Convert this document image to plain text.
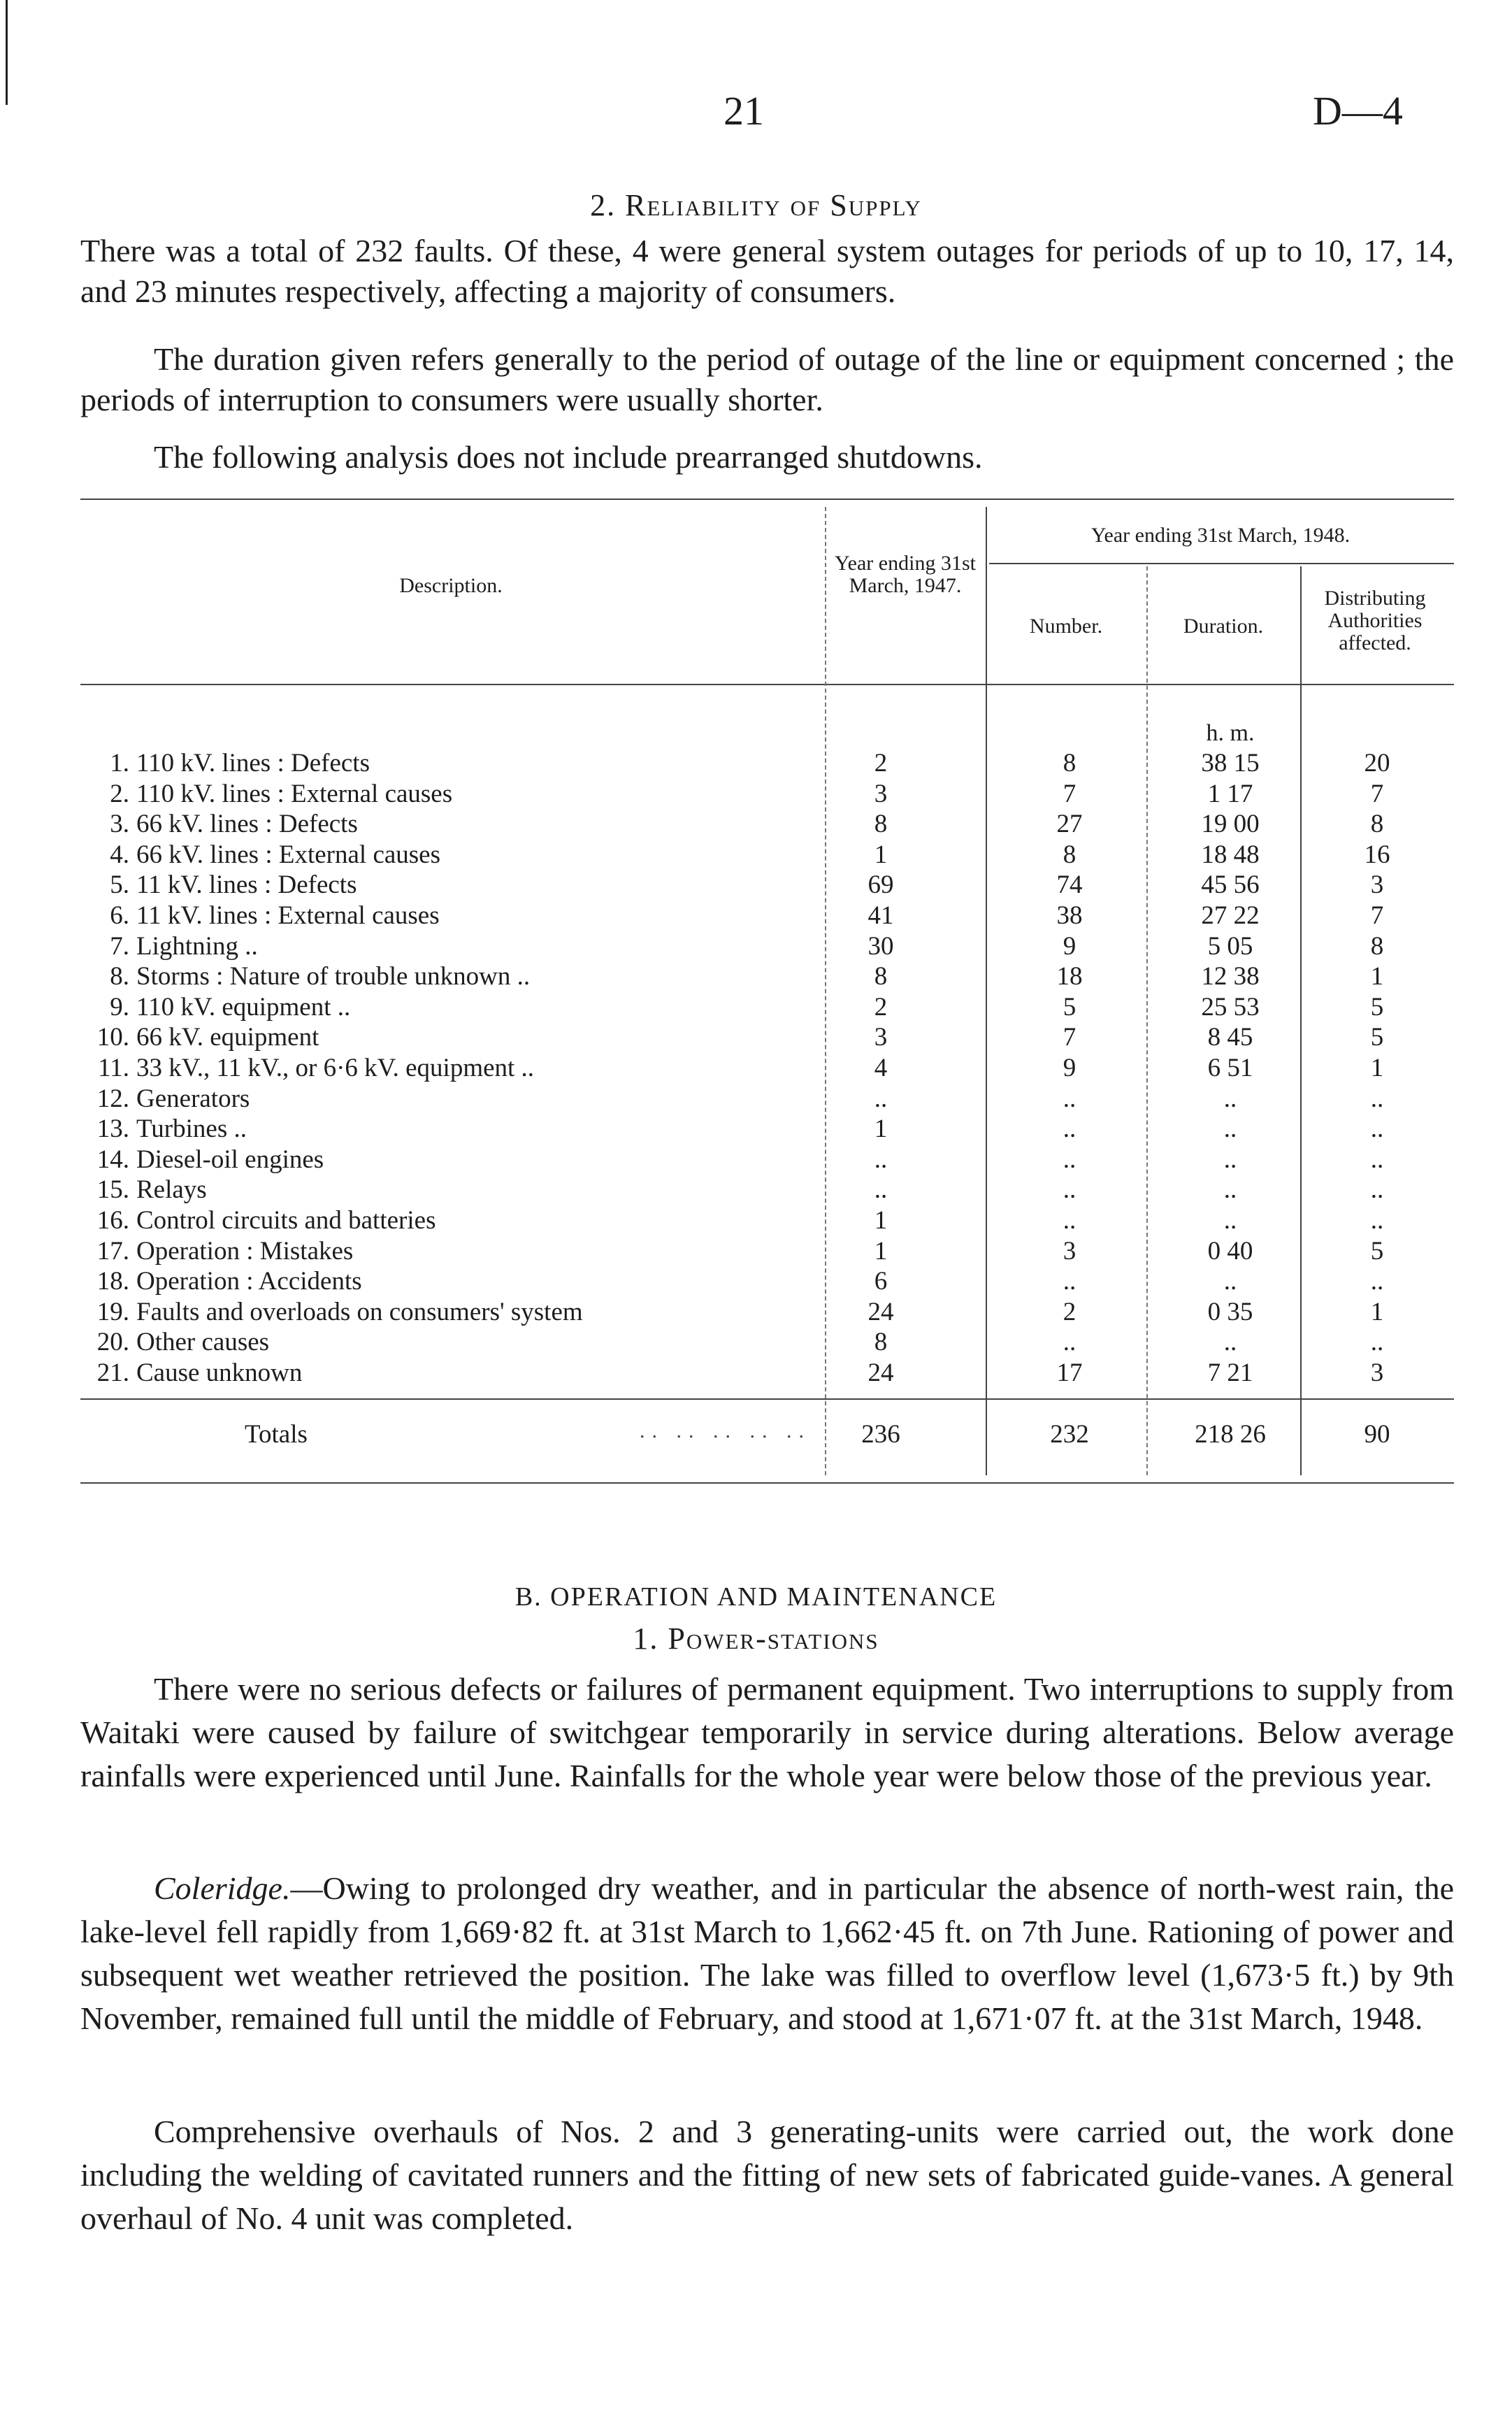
21	D—4
2. Reliability of Supply
There was a total of 232 faults. Of these, 4 were general system outages for periods of up to 10, 17, 14, and 23 minutes respectively, affecting a majority of consumers.
The duration given refers generally to the period of outage of the line or equipment concerned ; the periods of interruption to consumers were usually shorter.
The following analysis does not include prearranged shutdowns.
Description.
Year ending 31st March, 1947.
Year ending 31st March, 1948.
Number.	Duration.
Distributing Authorities affected.
h. m.
1. 110 kV. lines : Defects	2	8	38 15	20
2. 110 kV. lines : External causes	3	7	1 17	7
3. 66 kV. lines : Defects	8	27	19 00	8
4. 66 kV. lines : External causes	1	8	18 48	16
5. 11 kV. lines : Defects	69	74	45 56	3
6. 11 kV. lines : External causes	41	38	27 22	7
7. Lightning ..	30	9	5 05	8
8. Storms : Nature of trouble unknown ..	8	18	12 38	1
9. 110 kV. equipment ..	2	5	25 53	5
10. 66 kV. equipment	3	7	8 45	5
11. 33 kV., 11 kV., or 6·6 kV. equipment ..	4	9	6 51	1
12. Generators	..	..	..	..
13. Turbines ..	1	..	..	..
14. Diesel-oil engines	..	..	..	..
15. Relays	..	..	..	..
16. Control circuits and batteries	1	..	..	..
17. Operation : Mistakes	1	3	0 40	5
18. Operation : Accidents	6	..	..	..
19. Faults and overloads on consumers' system	24	2	0 35	1
20. Other causes	8	..	..	..
21. Cause unknown	24	17	7 21	3
Totals	.. .. .. .. ..	236	232	218 26	90
B. OPERATION AND MAINTENANCE
1. Power-stations
There were no serious defects or failures of permanent equipment. Two interruptions to supply from Waitaki were caused by failure of switchgear temporarily in service during alterations. Below average rainfalls were experienced until June. Rainfalls for the whole year were below those of the previous year.
Coleridge.—Owing to prolonged dry weather, and in particular the absence of north-west rain, the lake-level fell rapidly from 1,669·82 ft. at 31st March to 1,662·45 ft. on 7th June. Rationing of power and subsequent wet weather retrieved the position. The lake was filled to overflow level (1,673·5 ft.) by 9th November, remained full until the middle of February, and stood at 1,671·07 ft. at the 31st March, 1948.
Comprehensive overhauls of Nos. 2 and 3 generating-units were carried out, the work done including the welding of cavitated runners and the fitting of new sets of fabricated guide-vanes. A general overhaul of No. 4 unit was completed.
